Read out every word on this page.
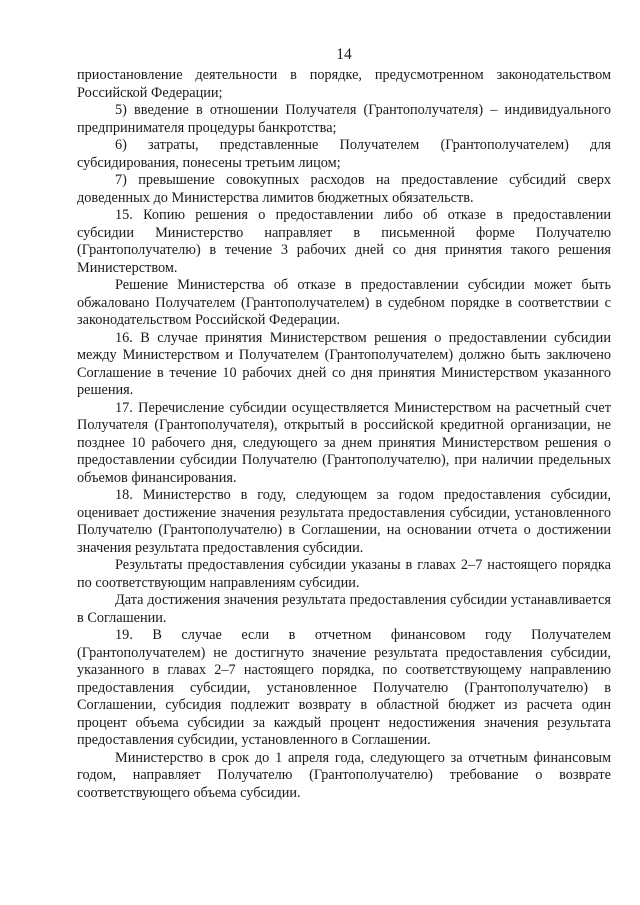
14

приостановление деятельности в порядке, предусмотренном законодательством Российской Федерации;

5) введение в отношении Получателя (Грантополучателя) – индивидуального предпринимателя процедуры банкротства;

6) затраты, представленные Получателем (Грантополучателем) для субсидирования, понесены третьим лицом;

7) превышение совокупных расходов на предоставление субсидий сверх доведенных до Министерства лимитов бюджетных обязательств.

15. Копию решения о предоставлении либо об отказе в предоставлении субсидии Министерство направляет в письменной форме Получателю (Грантополучателю) в течение 3 рабочих дней со дня принятия такого решения Министерством.

Решение Министерства об отказе в предоставлении субсидии может быть обжаловано Получателем (Грантополучателем) в судебном порядке в соответствии с законодательством Российской Федерации.

16. В случае принятия Министерством решения о предоставлении субсидии между Министерством и Получателем (Грантополучателем) должно быть заключено Соглашение в течение 10 рабочих дней со дня принятия Министерством указанного решения.

17. Перечисление субсидии осуществляется Министерством на расчетный счет Получателя (Грантополучателя), открытый в российской кредитной организации, не позднее 10 рабочего дня, следующего за днем принятия Министерством решения о предоставлении субсидии Получателю (Грантополучателю), при наличии предельных объемов финансирования.

18. Министерство в году, следующем за годом предоставления субсидии, оценивает достижение значения результата предоставления субсидии, установленного Получателю (Грантополучателю) в Соглашении, на основании отчета о достижении значения результата предоставления субсидии.

Результаты предоставления субсидии указаны в главах 2–7 настоящего порядка по соответствующим направлениям субсидии.

Дата достижения значения результата предоставления субсидии устанавливается в Соглашении.

19. В случае если в отчетном финансовом году Получателем (Грантополучателем) не достигнуто значение результата предоставления субсидии, указанного в главах 2–7 настоящего порядка, по соответствующему направлению предоставления субсидии, установленное Получателю (Грантополучателю) в Соглашении, субсидия подлежит возврату в областной бюджет из расчета один процент объема субсидии за каждый процент недостижения значения результата предоставления субсидии, установленного в Соглашении.

Министерство в срок до 1 апреля года, следующего за отчетным финансовым годом, направляет Получателю (Грантополучателю) требование о возврате соответствующего объема субсидии.
